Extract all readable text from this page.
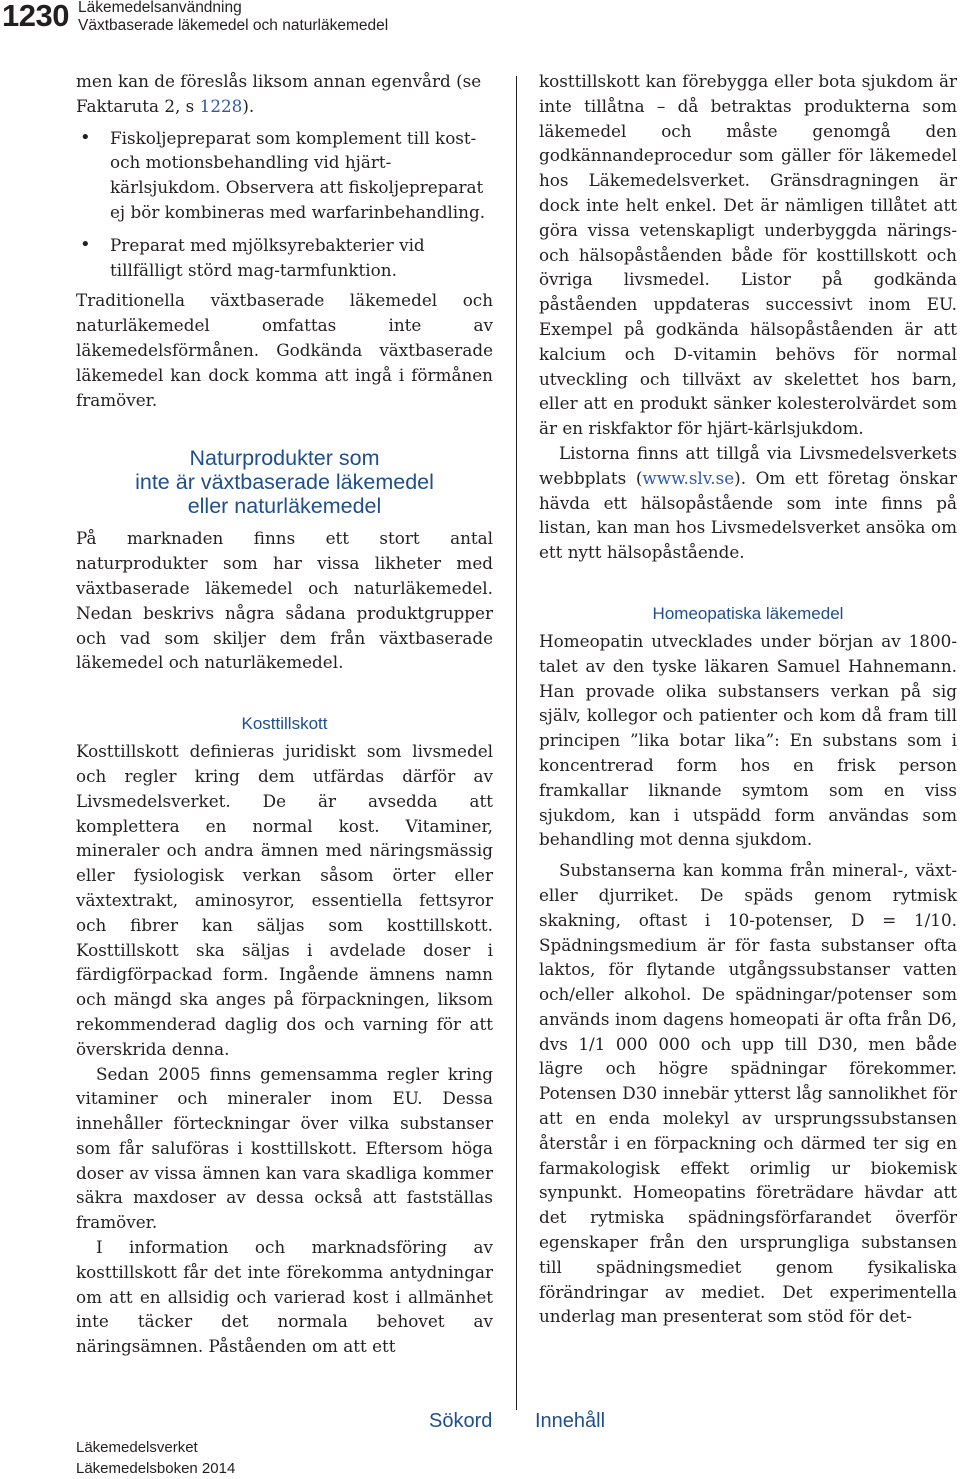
1230 Läkemedelsanvändning
Växtbaserade läkemedel och naturläkemedel

men kan de föreslås liksom annan egenvård (se Faktaruta 2, s 1228).

• Fiskoljepreparat som komplement till kost- och motionsbehandling vid hjärt-kärlsjukdom. Observera att fiskoljepreparat ej bör kombineras med warfarinbehandling.
• Preparat med mjölksyrebakterier vid tillfälligt störd mag-tarmfunktion.

Traditionella växtbaserade läkemedel och naturläkemedel omfattas inte av läkemedelsförmånen. Godkända växtbaserade läkemedel kan dock komma att ingå i förmånen framöver.

Naturprodukter som
inte är växtbaserade läkemedel
eller naturläkemedel

På marknaden finns ett stort antal naturprodukter som har vissa likheter med växtbaserade läkemedel och naturläkemedel. Nedan beskrivs några sådana produktgrupper och vad som skiljer dem från växtbaserade läkemedel och naturläkemedel.

Kosttillskott

Kosttillskott definieras juridiskt som livsmedel och regler kring dem utfärdas därför av Livsmedelsverket. De är avsedda att komplettera en normal kost. Vitaminer, mineraler och andra ämnen med näringsmässig eller fysiologisk verkan såsom örter eller växtextrakt, aminosyror, essentiella fettsyror och fibrer kan säljas som kosttillskott. Kosttillskott ska säljas i avdelade doser i färdigförpackad form. Ingående ämnens namn och mängd ska anges på förpackningen, liksom rekommenderad daglig dos och varning för att överskrida denna.

Sedan 2005 finns gemensamma regler kring vitaminer och mineraler inom EU. Dessa innehåller förteckningar över vilka substanser som får saluföras i kosttillskott. Eftersom höga doser av vissa ämnen kan vara skadliga kommer säkra maxdoser av dessa också att fastställas framöver.

I information och marknadsföring av kosttillskott får det inte förekomma antydningar om att en allsidig och varierad kost i allmänhet inte täcker det normala behovet av näringsämnen. Påståenden om att ett

kosttillskott kan förebygga eller bota sjukdom är inte tillåtna – då betraktas produkterna som läkemedel och måste genomgå den godkännandeprocedur som gäller för läkemedel hos Läkemedelsverket. Gränsdragningen är dock inte helt enkel. Det är nämligen tillåtet att göra vissa vetenskapligt underbyggda närings- och hälsopåståenden både för kosttillskott och övriga livsmedel. Listor på godkända påståenden uppdateras successivt inom EU. Exempel på godkända hälsopåståenden är att kalcium och D-vitamin behövs för normal utveckling och tillväxt av skelettet hos barn, eller att en produkt sänker kolesterolvärdet som är en riskfaktor för hjärt-kärlsjukdom.

Listorna finns att tillgå via Livsmedelsverkets webbplats (www.slv.se). Om ett företag önskar hävda ett hälsopåstående som inte finns på listan, kan man hos Livsmedelsverket ansöka om ett nytt hälsopåstående.

Homeopatiska läkemedel

Homeopatin utvecklades under början av 1800-talet av den tyske läkaren Samuel Hahnemann. Han provade olika substansers verkan på sig själv, kollegor och patienter och kom då fram till principen ”lika botar lika”: En substans som i koncentrerad form hos en frisk person framkallar liknande symtom som en viss sjukdom, kan i utspädd form användas som behandling mot denna sjukdom.

Substanserna kan komma från mineral-, växt- eller djurriket. De späds genom rytmisk skakning, oftast i 10-potenser, D = 1/10. Spädningsmedium är för fasta substanser ofta laktos, för flytande utgångssubstanser vatten och/eller alkohol. De spädningar/potenser som används inom dagens homeopati är ofta från D6, dvs 1/1 000 000 och upp till D30, men både lägre och högre spädningar förekommer. Potensen D30 innebär ytterst låg sannolikhet för att en enda molekyl av ursprungssubstansen återstår i en förpackning och därmed ter sig en farmakologisk effekt orimlig ur biokemisk synpunkt. Homeopatins företrädare hävdar att det rytmiska spädningsförfarandet överför egenskaper från den ursprungliga substansen till spädningsmediet genom fysikaliska förändringar av mediet. Det experimentella underlag man presenterat som stöd för det-

Sökord Innehåll
Läkemedelsverket
Läkemedelsboken 2014
